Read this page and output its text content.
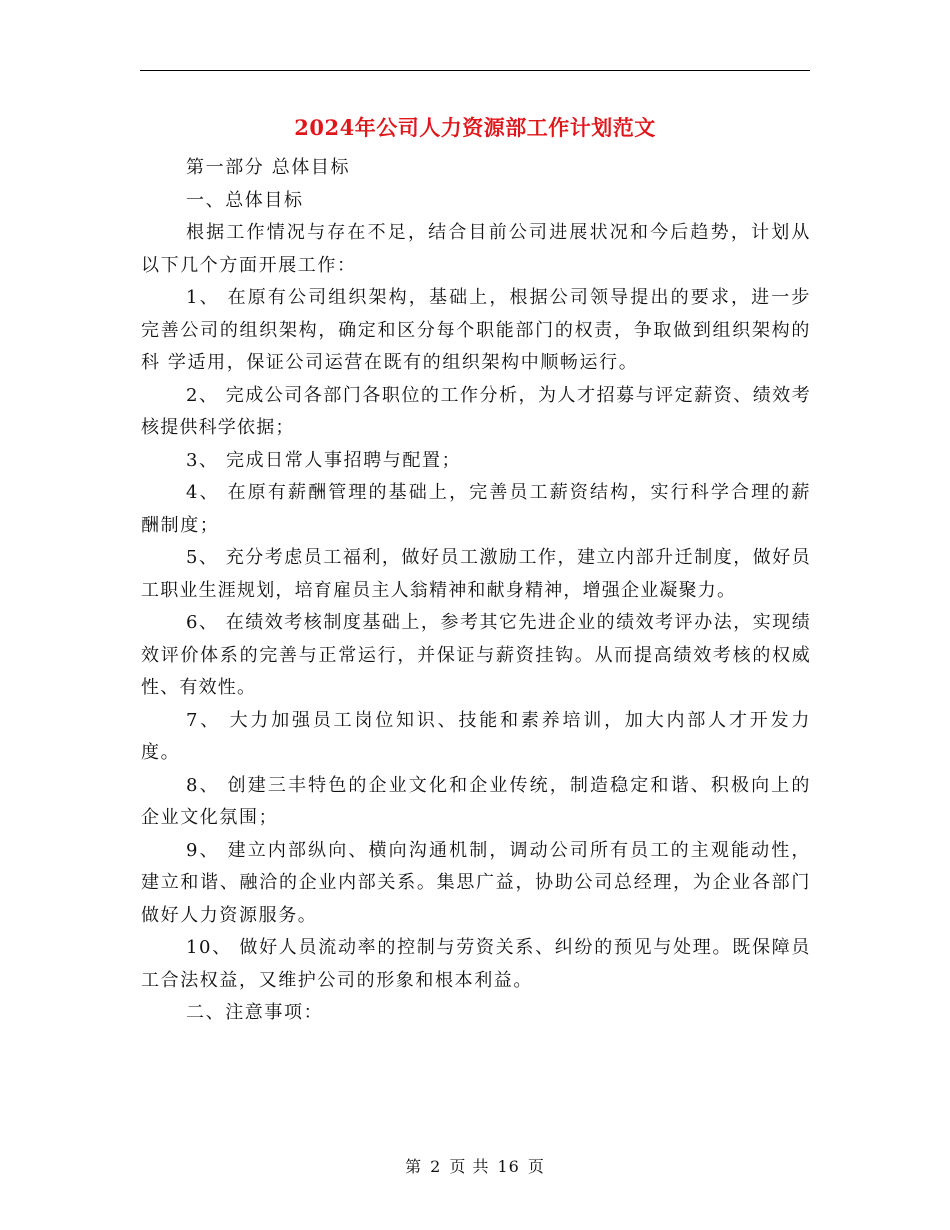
2024年公司人力资源部工作计划范文

第一部分 总体目标

一、总体目标

根据工作情况与存在不足，结合目前公司进展状况和今后趋势，计划从以下几个方面开展工作：

1、 在原有公司组织架构，基础上，根据公司领导提出的要求，进一步完善公司的组织架构，确定和区分每个职能部门的权责，争取做到组织架构的科 学适用，保证公司运营在既有的组织架构中顺畅运行。

2、 完成公司各部门各职位的工作分析，为人才招募与评定薪资、绩效考核提供科学依据；

3、 完成日常人事招聘与配置；

4、 在原有薪酬管理的基础上，完善员工薪资结构，实行科学合理的薪酬制度；

5、 充分考虑员工福利，做好员工激励工作，建立内部升迁制度，做好员工职业生涯规划，培育雇员主人翁精神和献身精神，增强企业凝聚力。

6、 在绩效考核制度基础上，参考其它先进企业的绩效考评办法，实现绩效评价体系的完善与正常运行，并保证与薪资挂钩。从而提高绩效考核的权威性、有效性。

7、 大力加强员工岗位知识、技能和素养培训，加大内部人才开发力度。

8、 创建三丰特色的企业文化和企业传统，制造稳定和谐、积极向上的企业文化氛围；

9、 建立内部纵向、横向沟通机制，调动公司所有员工的主观能动性，建立和谐、融洽的企业内部关系。集思广益，协助公司总经理，为企业各部门做好人力资源服务。

10、 做好人员流动率的控制与劳资关系、纠纷的预见与处理。既保障员工合法权益，又维护公司的形象和根本利益。

二、注意事项：

第 2 页 共 16 页
